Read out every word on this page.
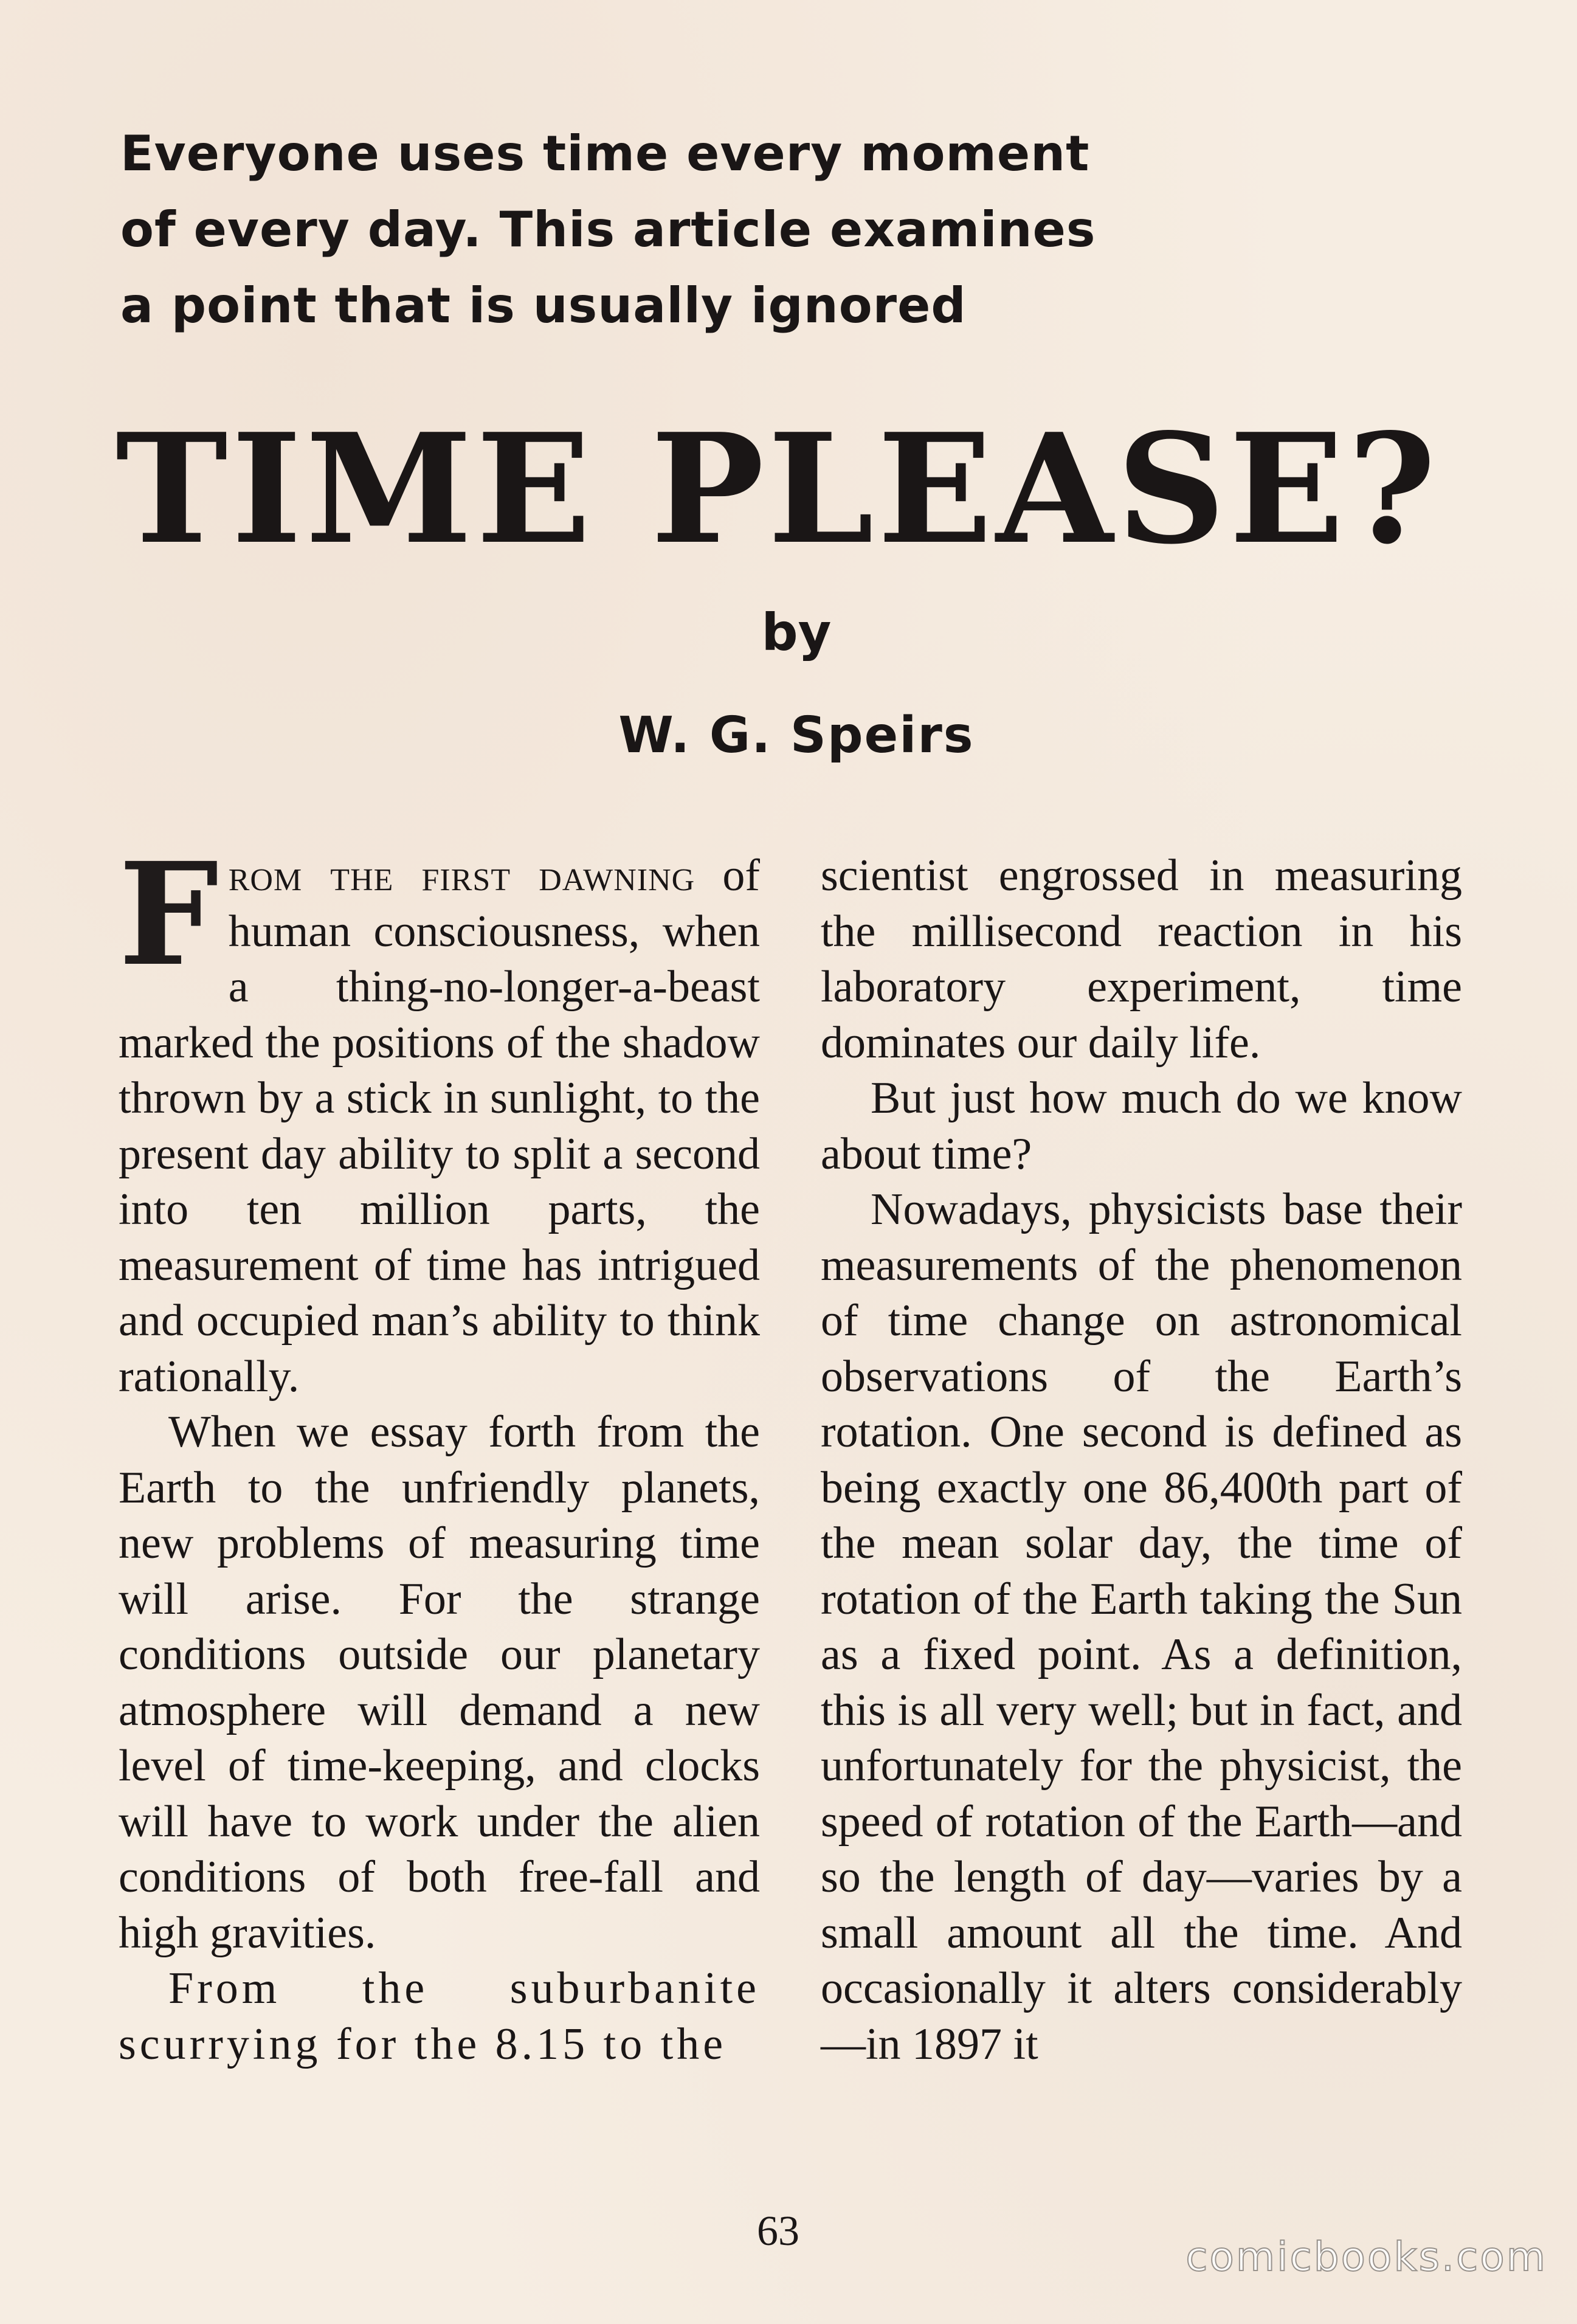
Everyone uses time every moment
of every day. This article examines
a point that is usually ignored
TIME PLEASE?
by
W. G. Speirs

From the first dawning of human consciousness, when a thing-no-longer-a-beast marked the positions of the shadow thrown by a stick in sunlight, to the present day ability to split a second into ten million parts, the measurement of time has intrigued and occupied man’s ability to think rationally.

When we essay forth from the Earth to the unfriendly planets, new problems of measuring time will arise. For the strange conditions outside our planetary atmosphere will demand a new level of time-keeping, and clocks will have to work under the alien conditions of both free-fall and high gravities.

From the suburbanite scurrying for the 8.15 to the

scientist engrossed in measuring the millisecond reaction in his laboratory experiment, time dominates our daily life.

But just how much do we know about time?

Nowadays, physicists base their measurements of the phenomenon of time change on astronomical observations of the Earth’s rotation. One second is defined as being exactly one 86,400th part of the mean solar day, the time of rotation of the Earth taking the Sun as a fixed point. As a definition, this is all very well; but in fact, and unfortunately for the physicist, the speed of rotation of the Earth—and so the length of day—varies by a small amount all the time. And occasionally it alters considerably—in 1897 it

63
comicbooks.com
